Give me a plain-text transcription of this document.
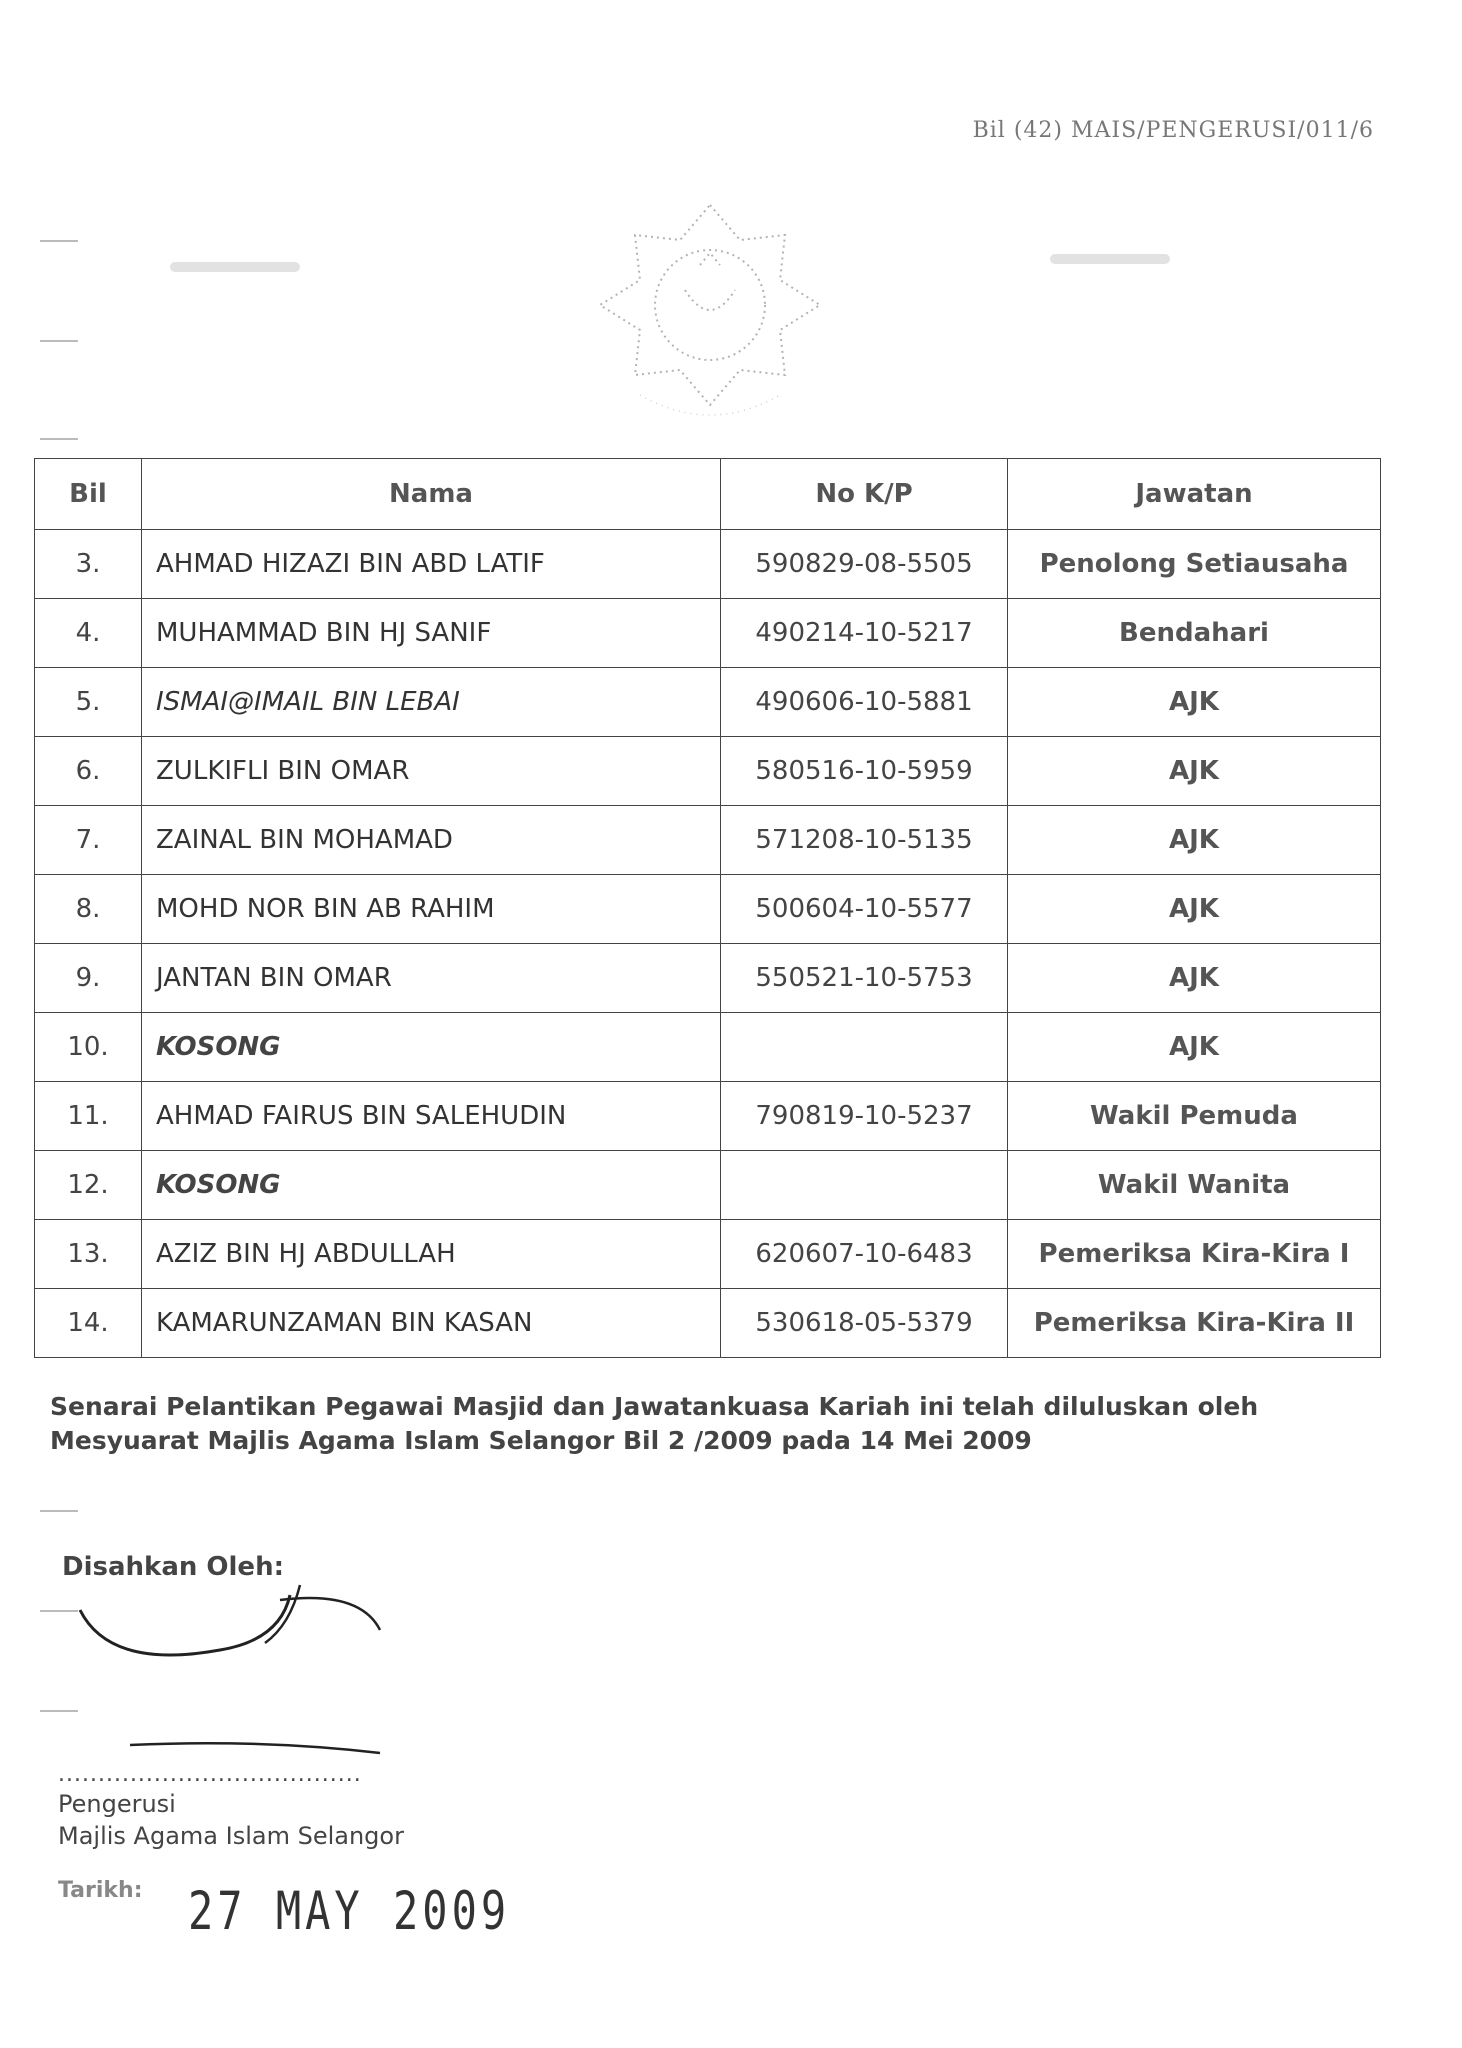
Bil (42) MAIS/PENGERUSI/011/6
Bil	Nama	No K/P	Jawatan
3.	AHMAD HIZAZI BIN ABD LATIF	590829-08-5505	Penolong Setiausaha
4.	MUHAMMAD BIN HJ SANIF	490214-10-5217	Bendahari
5.	ISMAI@IMAIL BIN LEBAI	490606-10-5881	AJK
6.	ZULKIFLI BIN OMAR	580516-10-5959	AJK
7.	ZAINAL BIN MOHAMAD	571208-10-5135	AJK
8.	MOHD NOR BIN AB RAHIM	500604-10-5577	AJK
9.	JANTAN BIN OMAR	550521-10-5753	AJK
10.	KOSONG		AJK
11.	AHMAD FAIRUS BIN SALEHUDIN	790819-10-5237	Wakil Pemuda
12.	KOSONG		Wakil Wanita
13.	AZIZ BIN HJ ABDULLAH	620607-10-6483	Pemeriksa Kira-Kira I
14.	KAMARUNZAMAN BIN KASAN	530618-05-5379	Pemeriksa Kira-Kira II
Senarai Pelantikan Pegawai Masjid dan Jawatankuasa Kariah ini telah diluluskan oleh
Mesyuarat Majlis Agama Islam Selangor Bil 2 /2009 pada 14 Mei 2009
Disahkan Oleh:
......................................
Pengerusi
Majlis Agama Islam Selangor
Tarikh: 27 MAY 2009
